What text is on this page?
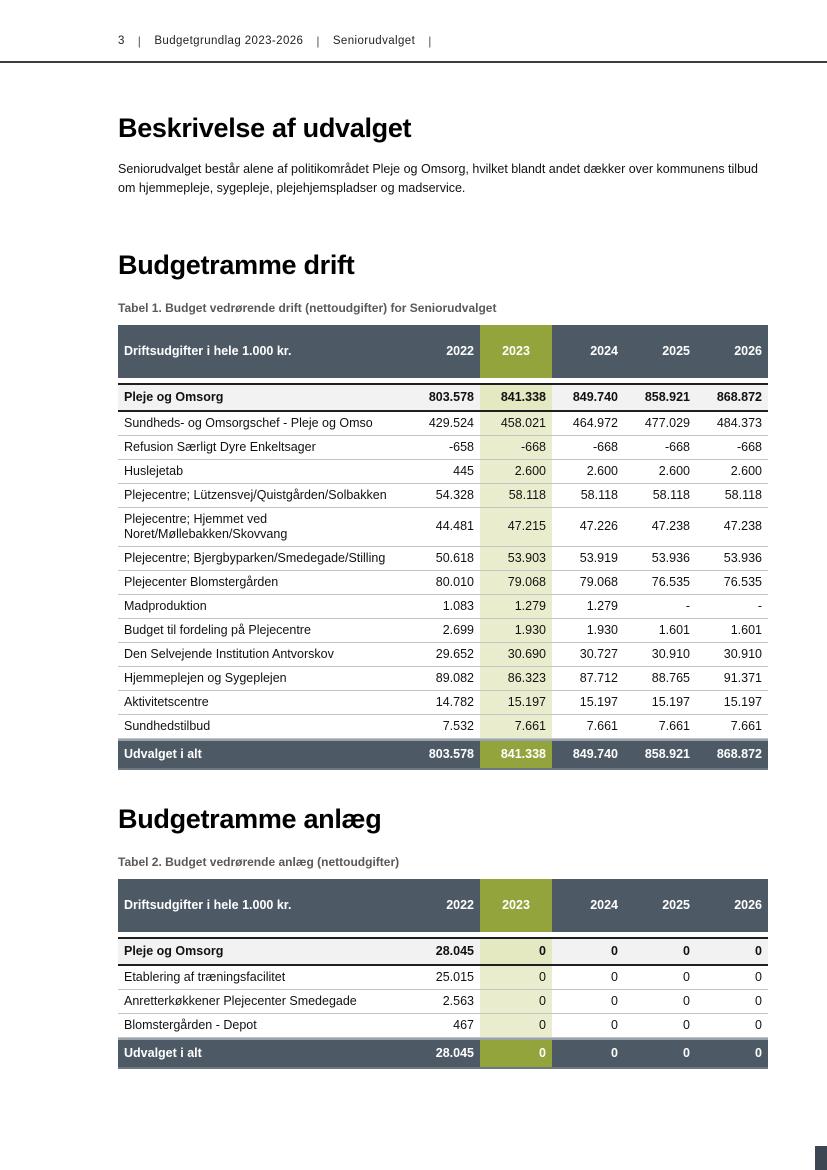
3 | Budgetgrundlag 2023-2026 | Seniorudvalget |
Beskrivelse af udvalget

Seniorudvalget består alene af politikområdet Pleje og Omsorg, hvilket blandt andet dækker over kommunens tilbud om hjemmepleje, sygepleje, plejehjemspladser og madservice.

Budgetramme drift
Tabel 1. Budget vedrørende drift (nettoudgifter) for Seniorudvalget
Driftsudgifter i hele 1.000 kr.	2022	2023	2024	2025	2026
Pleje og Omsorg	803.578	841.338	849.740	858.921	868.872
Sundheds- og Omsorgschef - Pleje og Omso	429.524	458.021	464.972	477.029	484.373
Refusion Særligt Dyre Enkeltsager	-658	-668	-668	-668	-668
Huslejetab	445	2.600	2.600	2.600	2.600
Plejecentre; Lützensvej/Quistgården/Solbakken	54.328	58.118	58.118	58.118	58.118
Plejecentre; Hjemmet ved Noret/Møllebakken/Skovvang	44.481	47.215	47.226	47.238	47.238
Plejecentre; Bjergbyparken/Smedegade/Stilling	50.618	53.903	53.919	53.936	53.936
Plejecenter Blomstergården	80.010	79.068	79.068	76.535	76.535
Madproduktion	1.083	1.279	1.279	-	-
Budget til fordeling på Plejecentre	2.699	1.930	1.930	1.601	1.601
Den Selvejende Institution Antvorskov	29.652	30.690	30.727	30.910	30.910
Hjemmeplejen og Sygeplejen	89.082	86.323	87.712	88.765	91.371
Aktivitetscentre	14.782	15.197	15.197	15.197	15.197
Sundhedstilbud	7.532	7.661	7.661	7.661	7.661
Udvalget i alt	803.578	841.338	849.740	858.921	868.872
Budgetramme anlæg
Tabel 2. Budget vedrørende anlæg (nettoudgifter)
Driftsudgifter i hele 1.000 kr.	2022	2023	2024	2025	2026
Pleje og Omsorg	28.045	0	0	0	0
Etablering af træningsfacilitet	25.015	0	0	0	0
Anretterkøkkener Plejecenter Smedegade	2.563	0	0	0	0
Blomstergården - Depot	467	0	0	0	0
Udvalget i alt	28.045	0	0	0	0
